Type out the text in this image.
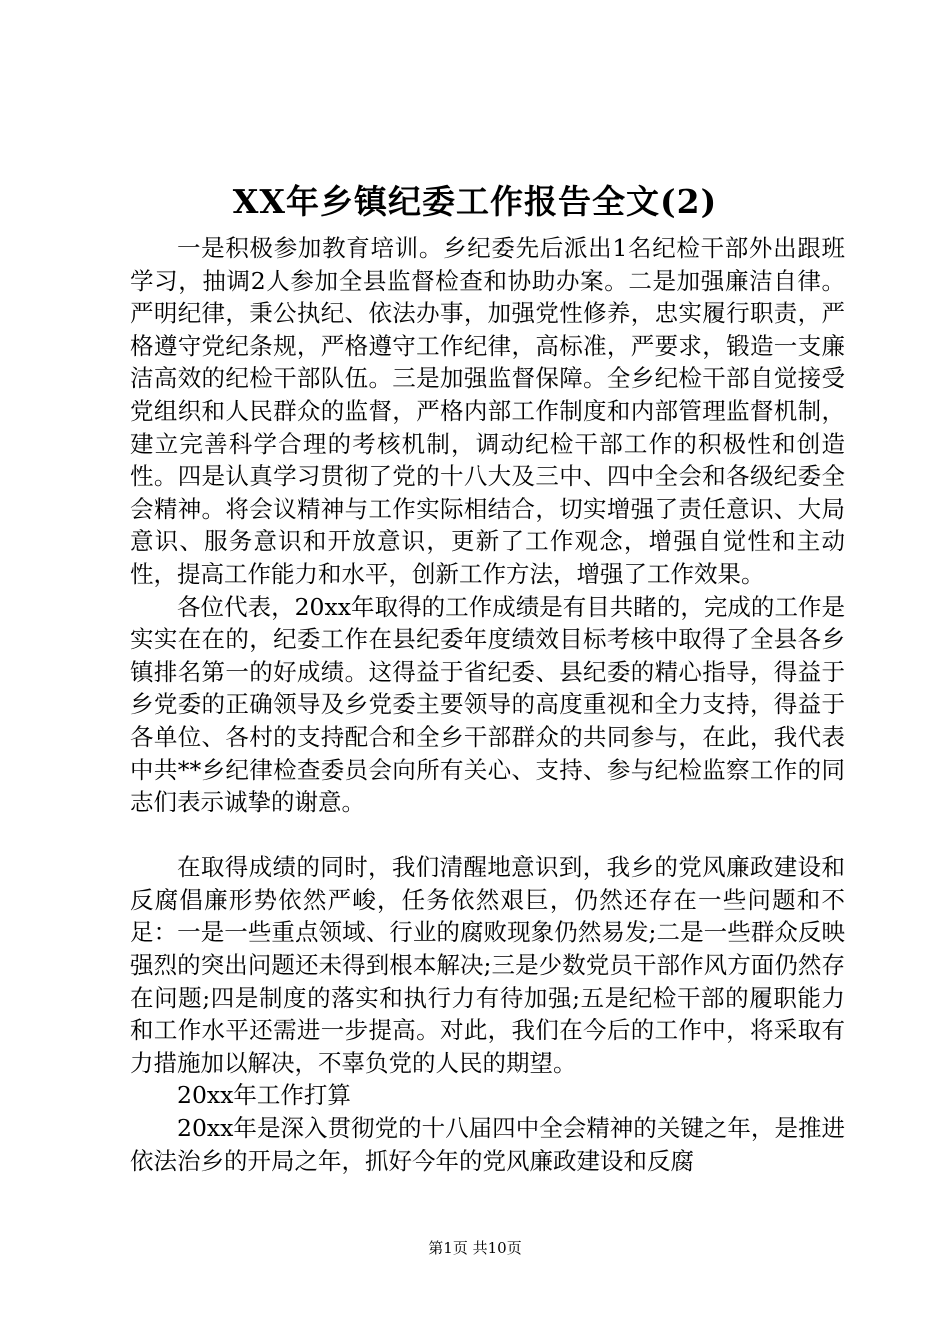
XX年乡镇纪委工作报告全文(2)

一是积极参加教育培训。乡纪委先后派出1名纪检干部外出跟班学习，抽调2人参加全县监督检查和协助办案。二是加强廉洁自律。严明纪律，秉公执纪、依法办事，加强党性修养，忠实履行职责，严格遵守党纪条规，严格遵守工作纪律，高标准，严要求，锻造一支廉洁高效的纪检干部队伍。三是加强监督保障。全乡纪检干部自觉接受党组织和人民群众的监督，严格内部工作制度和内部管理监督机制，建立完善科学合理的考核机制，调动纪检干部工作的积极性和创造性。四是认真学习贯彻了党的十八大及三中、四中全会和各级纪委全会精神。将会议精神与工作实际相结合，切实增强了责任意识、大局意识、服务意识和开放意识，更新了工作观念，增强自觉性和主动性，提高工作能力和水平，创新工作方法，增强了工作效果。

各位代表，20xx年取得的工作成绩是有目共睹的，完成的工作是实实在在的，纪委工作在县纪委年度绩效目标考核中取得了全县各乡镇排名第一的好成绩。这得益于省纪委、县纪委的精心指导，得益于乡党委的正确领导及乡党委主要领导的高度重视和全力支持，得益于各单位、各村的支持配合和全乡干部群众的共同参与，在此，我代表中共**乡纪律检查委员会向所有关心、支持、参与纪检监察工作的同志们表示诚挚的谢意。

在取得成绩的同时，我们清醒地意识到，我乡的党风廉政建设和反腐倡廉形势依然严峻，任务依然艰巨，仍然还存在一些问题和不足：一是一些重点领域、行业的腐败现象仍然易发;二是一些群众反映强烈的突出问题还未得到根本解决;三是少数党员干部作风方面仍然存在问题;四是制度的落实和执行力有待加强;五是纪检干部的履职能力和工作水平还需进一步提高。对此，我们在今后的工作中，将采取有力措施加以解决，不辜负党的人民的期望。

20xx年工作打算

20xx年是深入贯彻党的十八届四中全会精神的关键之年，是推进依法治乡的开局之年，抓好今年的党风廉政建设和反腐

第1页 共10页
